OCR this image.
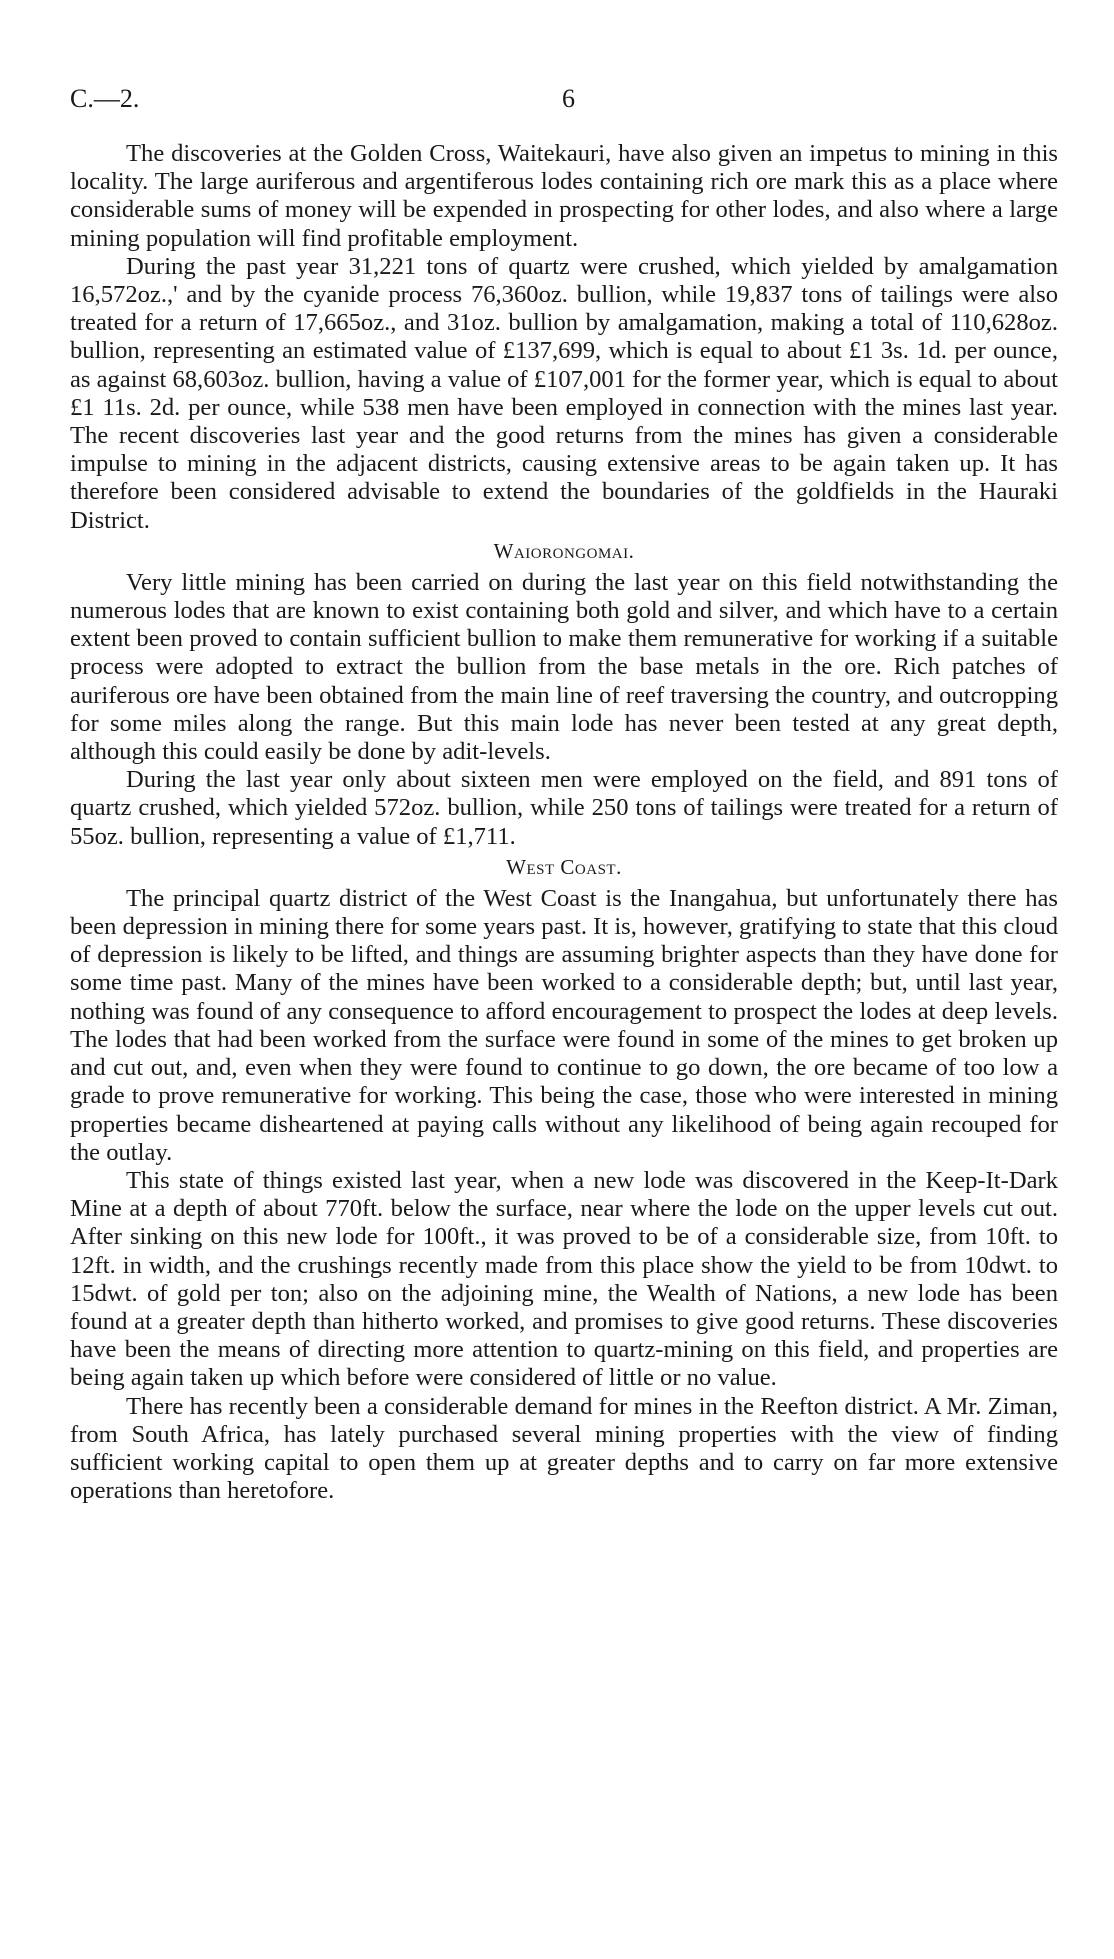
C.—2.	6

The discoveries at the Golden Cross, Waitekauri, have also given an impetus to mining in this locality. The large auriferous and argentiferous lodes containing rich ore mark this as a place where considerable sums of money will be expended in prospecting for other lodes, and also where a large mining population will find profitable employment.

During the past year 31,221 tons of quartz were crushed, which yielded by amalgamation 16,572oz.,' and by the cyanide process 76,360oz. bullion, while 19,837 tons of tailings were also treated for a return of 17,665oz., and 31oz. bullion by amalgamation, making a total of 110,628oz. bullion, representing an estimated value of £137,699, which is equal to about £1 3s. 1d. per ounce, as against 68,603oz. bullion, having a value of £107,001 for the former year, which is equal to about £1 11s. 2d. per ounce, while 538 men have been employed in connection with the mines last year. The recent discoveries last year and the good returns from the mines has given a considerable impulse to mining in the adjacent districts, causing extensive areas to be again taken up. It has therefore been considered advisable to extend the boundaries of the goldfields in the Hauraki District.

Waiorongomai.

Very little mining has been carried on during the last year on this field notwithstanding the numerous lodes that are known to exist containing both gold and silver, and which have to a certain extent been proved to contain sufficient bullion to make them remunerative for working if a suitable process were adopted to extract the bullion from the base metals in the ore. Rich patches of auriferous ore have been obtained from the main line of reef traversing the country, and outcropping for some miles along the range. But this main lode has never been tested at any great depth, although this could easily be done by adit-levels.

During the last year only about sixteen men were employed on the field, and 891 tons of quartz crushed, which yielded 572oz. bullion, while 250 tons of tailings were treated for a return of 55oz. bullion, representing a value of £1,711.

West Coast.

The principal quartz district of the West Coast is the Inangahua, but unfortunately there has been depression in mining there for some years past. It is, however, gratifying to state that this cloud of depression is likely to be lifted, and things are assuming brighter aspects than they have done for some time past. Many of the mines have been worked to a considerable depth; but, until last year, nothing was found of any consequence to afford encouragement to prospect the lodes at deep levels. The lodes that had been worked from the surface were found in some of the mines to get broken up and cut out, and, even when they were found to continue to go down, the ore became of too low a grade to prove remunerative for working. This being the case, those who were interested in mining properties became disheartened at paying calls without any likelihood of being again recouped for the outlay.

This state of things existed last year, when a new lode was discovered in the Keep-It-Dark Mine at a depth of about 770ft. below the surface, near where the lode on the upper levels cut out. After sinking on this new lode for 100ft., it was proved to be of a considerable size, from 10ft. to 12ft. in width, and the crushings recently made from this place show the yield to be from 10dwt. to 15dwt. of gold per ton; also on the adjoining mine, the Wealth of Nations, a new lode has been found at a greater depth than hitherto worked, and promises to give good returns. These discoveries have been the means of directing more attention to quartz-mining on this field, and properties are being again taken up which before were considered of little or no value.

There has recently been a considerable demand for mines in the Reefton district. A Mr. Ziman, from South Africa, has lately purchased several mining properties with the view of finding sufficient working capital to open them up at greater depths and to carry on far more extensive operations than heretofore.
